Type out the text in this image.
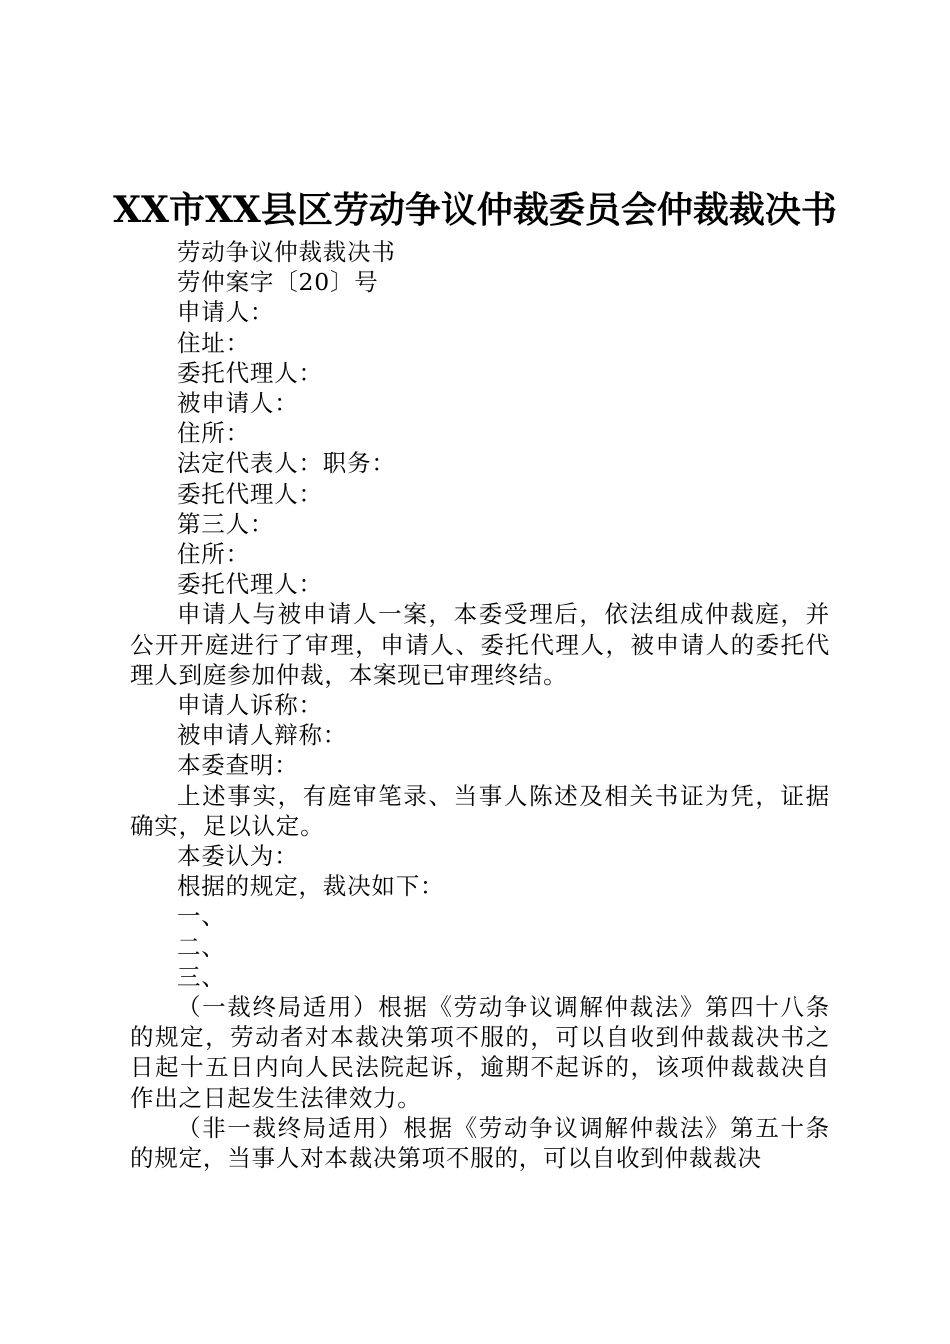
XX市XX县区劳动争议仲裁委员会仲裁裁决书

劳动争议仲裁裁决书

劳仲案字〔20〕号

申请人：

住址：

委托代理人：

被申请人：

住所：

法定代表人：职务：

委托代理人：

第三人：

住所：

委托代理人：

申请人与被申请人一案，本委受理后，依法组成仲裁庭，并公开开庭进行了审理，申请人、委托代理人，被申请人的委托代理人到庭参加仲裁，本案现已审理终结。

申请人诉称：

被申请人辩称：

本委查明：

上述事实，有庭审笔录、当事人陈述及相关书证为凭，证据确实，足以认定。

本委认为：

根据的规定，裁决如下：

一、

二、

三、

（一裁终局适用）根据《劳动争议调解仲裁法》第四十八条的规定，劳动者对本裁决第项不服的，可以自收到仲裁裁决书之日起十五日内向人民法院起诉，逾期不起诉的，该项仲裁裁决自作出之日起发生法律效力。

（非一裁终局适用）根据《劳动争议调解仲裁法》第五十条的规定，当事人对本裁决第项不服的，可以自收到仲裁裁决
